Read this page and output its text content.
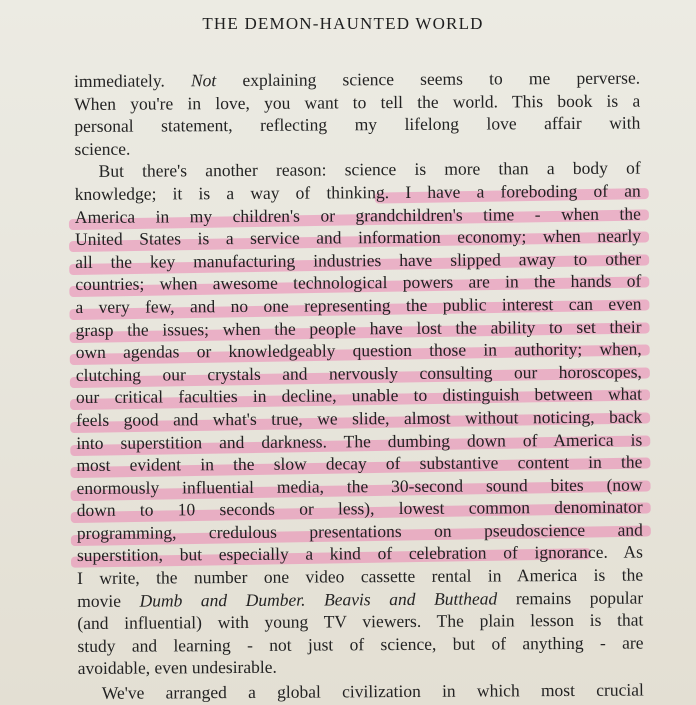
THE DEMON-HAUNTED WORLD
immediately. Not explaining science seems to me perverse.
When you're in love, you want to tell the world. This book is a
personal statement, reflecting my lifelong love affair with
science.
But there's another reason: science is more than a body of
knowledge; it is a way of thinking. I have a foreboding of an
America in my children's or grandchildren's time - when the
United States is a service and information economy; when nearly
all the key manufacturing industries have slipped away to other
countries; when awesome technological powers are in the hands of
a very few, and no one representing the public interest can even
grasp the issues; when the people have lost the ability to set their
own agendas or knowledgeably question those in authority; when,
clutching our crystals and nervously consulting our horoscopes,
our critical faculties in decline, unable to distinguish between what
feels good and what's true, we slide, almost without noticing, back
into superstition and darkness. The dumbing down of America is
most evident in the slow decay of substantive content in the
enormously influential media, the 30-second sound bites (now
down to 10 seconds or less), lowest common denominator
programming, credulous presentations on pseudoscience and
superstition, but especially a kind of celebration of ignorance. As
I write, the number one video cassette rental in America is the
movie Dumb and Dumber. Beavis and Butthead remains popular
(and influential) with young TV viewers. The plain lesson is that
study and learning - not just of science, but of anything - are
avoidable, even undesirable.
We've arranged a global civilization in which most crucial
